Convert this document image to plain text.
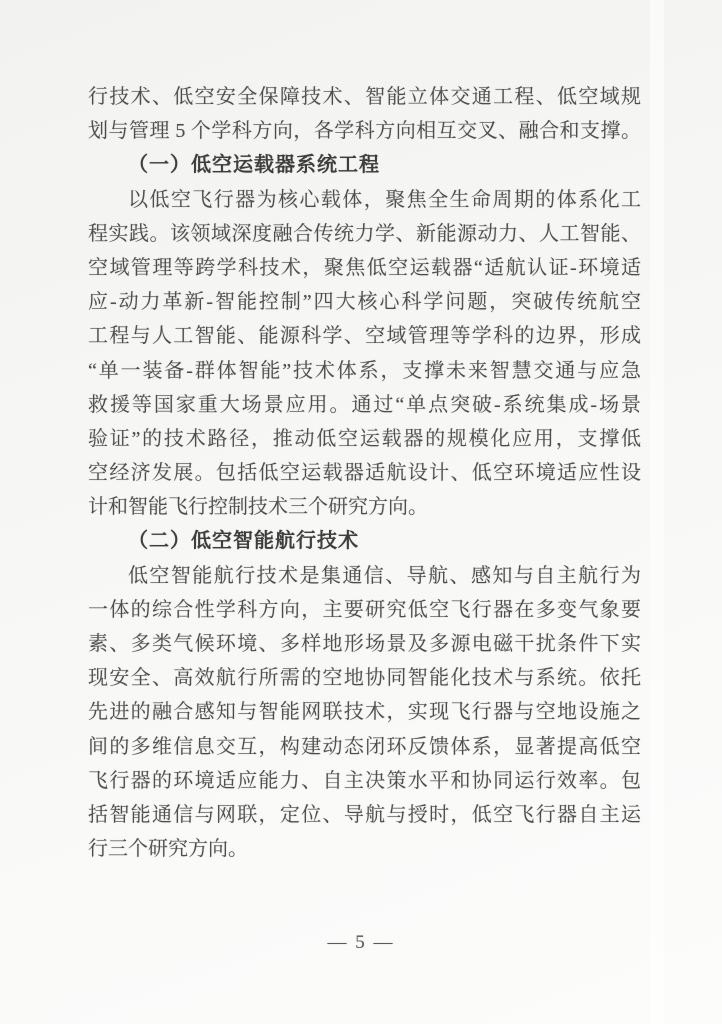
行技术、低空安全保障技术、智能立体交通工程、低空域规
划与管理 5 个学科方向，各学科方向相互交叉、融合和支撑。
（一）低空运载器系统工程
以低空飞行器为核心载体，聚焦全生命周期的体系化工
程实践。该领域深度融合传统力学、新能源动力、人工智能、
空域管理等跨学科技术，聚焦低空运载器“适航认证-环境适
应-动力革新-智能控制”四大核心科学问题，突破传统航空
工程与人工智能、能源科学、空域管理等学科的边界，形成
“单一装备-群体智能”技术体系，支撑未来智慧交通与应急
救援等国家重大场景应用。通过“单点突破-系统集成-场景
验证”的技术路径，推动低空运载器的规模化应用，支撑低
空经济发展。包括低空运载器适航设计、低空环境适应性设
计和智能飞行控制技术三个研究方向。
（二）低空智能航行技术
低空智能航行技术是集通信、导航、感知与自主航行为
一体的综合性学科方向，主要研究低空飞行器在多变气象要
素、多类气候环境、多样地形场景及多源电磁干扰条件下实
现安全、高效航行所需的空地协同智能化技术与系统。依托
先进的融合感知与智能网联技术，实现飞行器与空地设施之
间的多维信息交互，构建动态闭环反馈体系，显著提高低空
飞行器的环境适应能力、自主决策水平和协同运行效率。包
括智能通信与网联，定位、导航与授时，低空飞行器自主运
行三个研究方向。
— 5 —
